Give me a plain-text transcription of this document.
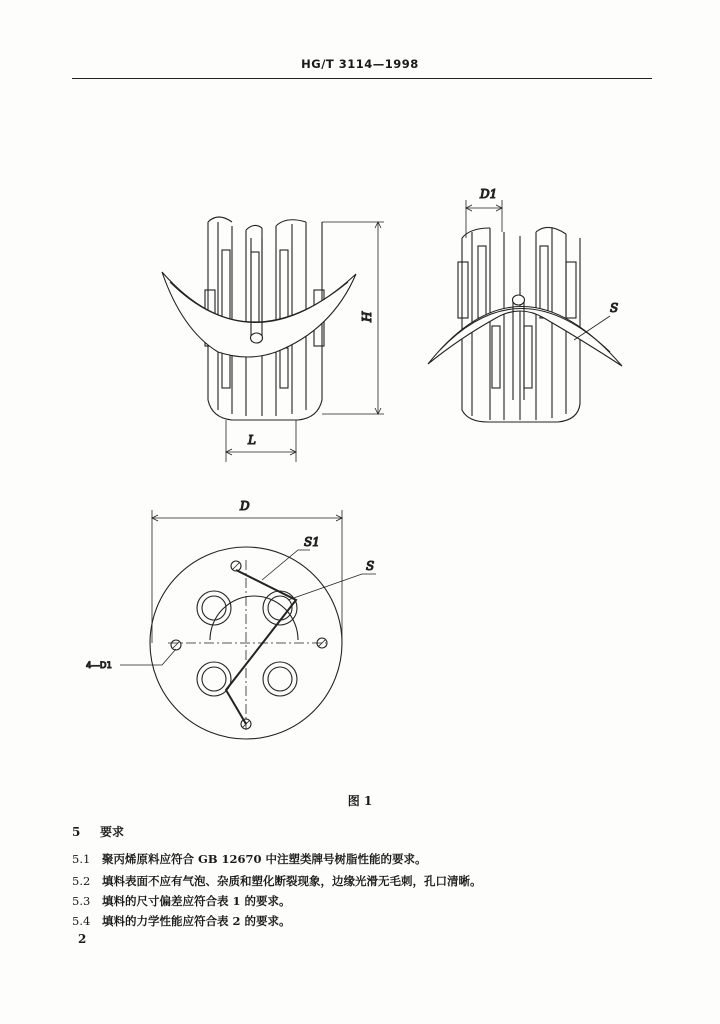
HG/T 3114—1998
H
L
D1
S
D
S1
S
4—D1
图 1
5 要求
5.1 聚丙烯原料应符合 GB 12670 中注塑类牌号树脂性能的要求。
5.2 填料表面不应有气泡、杂质和塑化断裂现象，边缘光滑无毛刺，孔口清晰。
5.3 填料的尺寸偏差应符合表 1 的要求。
5.4 填料的力学性能应符合表 2 的要求。
2
